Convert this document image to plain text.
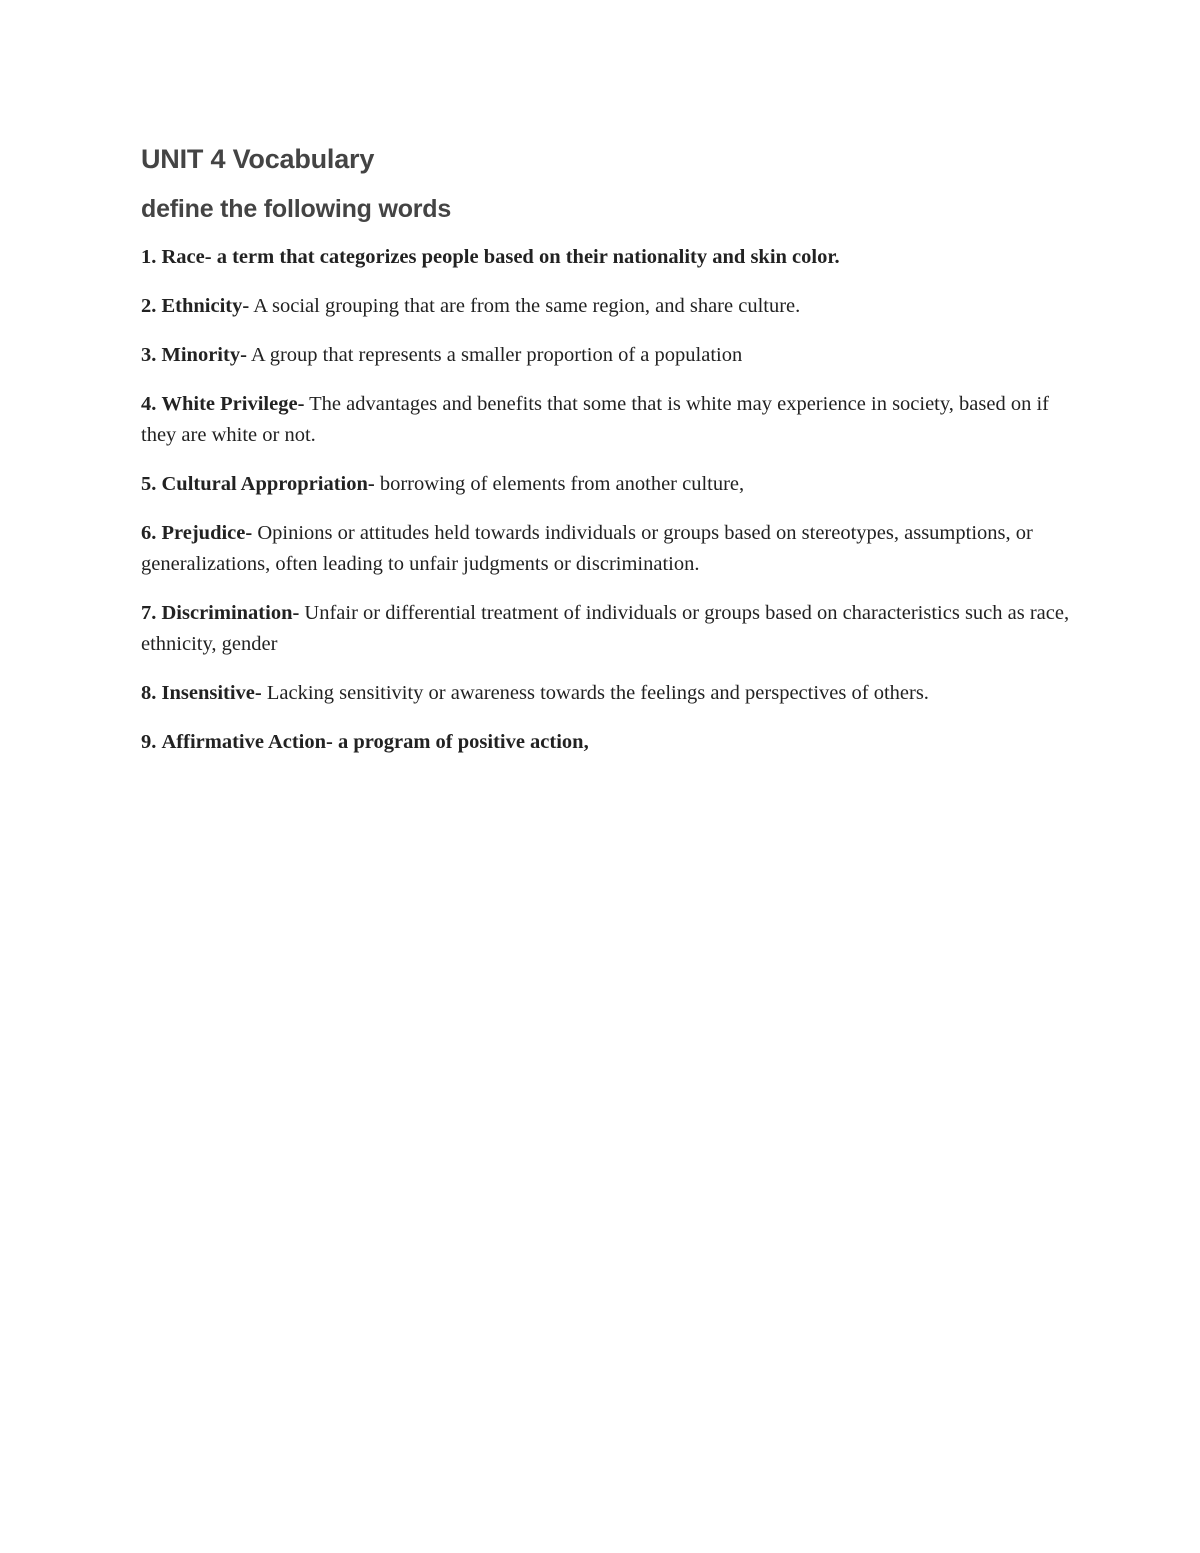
UNIT 4 Vocabulary
define the following words
1. Race- a term that categorizes people based on their nationality and skin color.
2. Ethnicity- A social grouping that are from the same region, and share culture.
3. Minority- A group that represents a smaller proportion of a population
4. White Privilege- The advantages and benefits that some that is white may experience in society, based on if they are white or not.
5. Cultural Appropriation- borrowing of elements from another culture,
6. Prejudice- Opinions or attitudes held towards individuals or groups based on stereotypes, assumptions, or generalizations, often leading to unfair judgments or discrimination.
7. Discrimination- Unfair or differential treatment of individuals or groups based on characteristics such as race, ethnicity, gender
8. Insensitive- Lacking sensitivity or awareness towards the feelings and perspectives of others.
9. Affirmative Action- a program of positive action,
